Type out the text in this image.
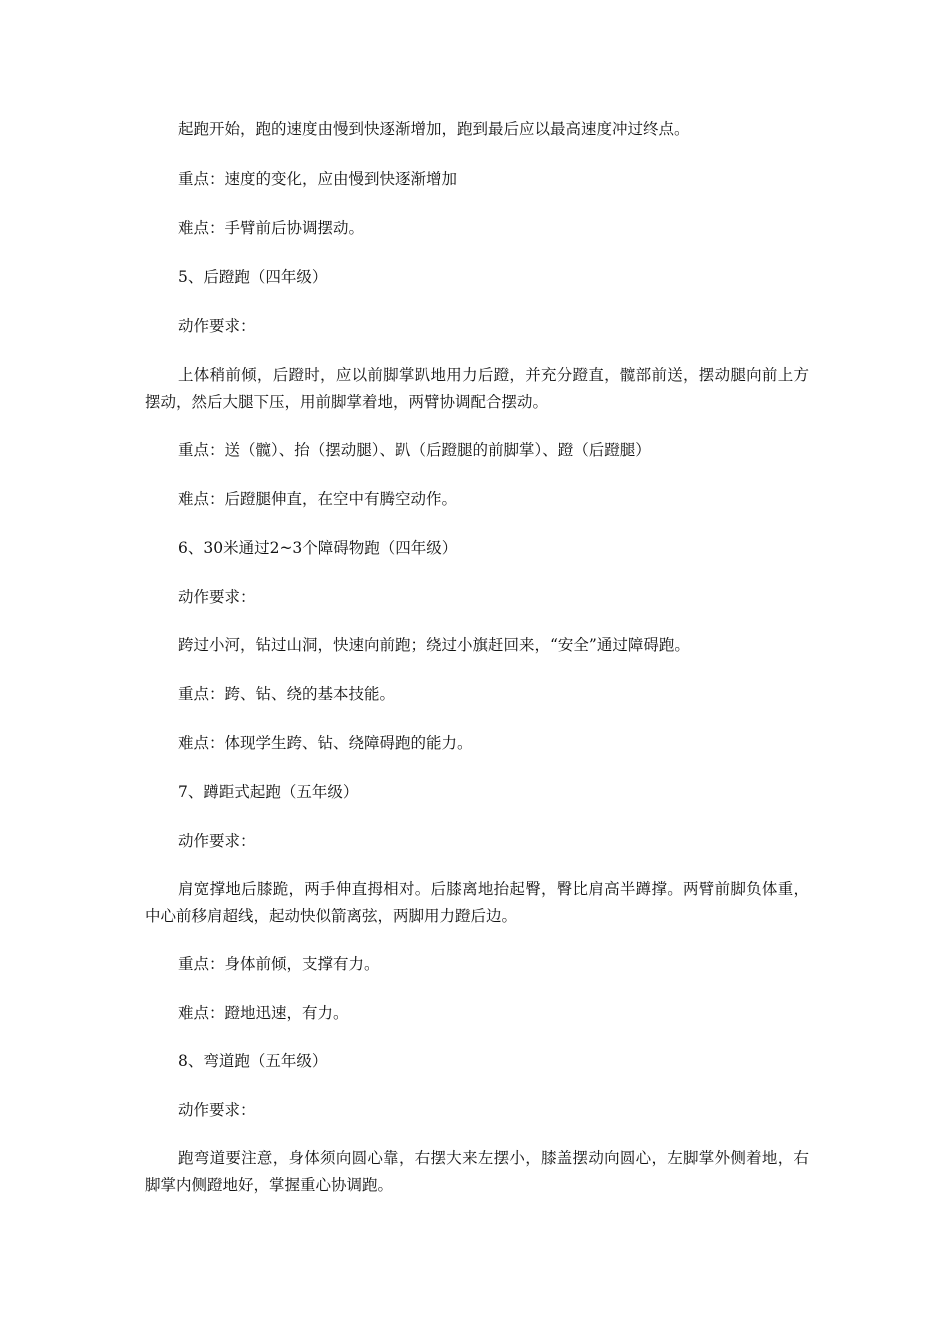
起跑开始，跑的速度由慢到快逐渐增加，跑到最后应以最高速度冲过终点。

重点：速度的变化，应由慢到快逐渐增加

难点：手臂前后协调摆动。

5、后蹬跑（四年级）

动作要求：

上体稍前倾，后蹬时，应以前脚掌趴地用力后蹬，并充分蹬直，髋部前送，摆动腿向前上方摆动，然后大腿下压，用前脚掌着地，两臂协调配合摆动。

重点：送（髋）、抬（摆动腿）、趴（后蹬腿的前脚掌）、蹬（后蹬腿）

难点：后蹬腿伸直，在空中有腾空动作。

6、30米通过2~3个障碍物跑（四年级）

动作要求：

跨过小河，钻过山洞，快速向前跑；绕过小旗赶回来，“安全”通过障碍跑。

重点：跨、钻、绕的基本技能。

难点：体现学生跨、钻、绕障碍跑的能力。

7、蹲距式起跑（五年级）

动作要求：

肩宽撑地后膝跪，两手伸直拇相对。后膝离地抬起臀，臀比肩高半蹲撑。两臂前脚负体重，中心前移肩超线，起动快似箭离弦，两脚用力蹬后边。

重点：身体前倾，支撑有力。

难点：蹬地迅速，有力。

8、弯道跑（五年级）

动作要求：

跑弯道要注意，身体须向圆心靠，右摆大来左摆小，膝盖摆动向圆心，左脚掌外侧着地，右脚掌内侧蹬地好，掌握重心协调跑。
